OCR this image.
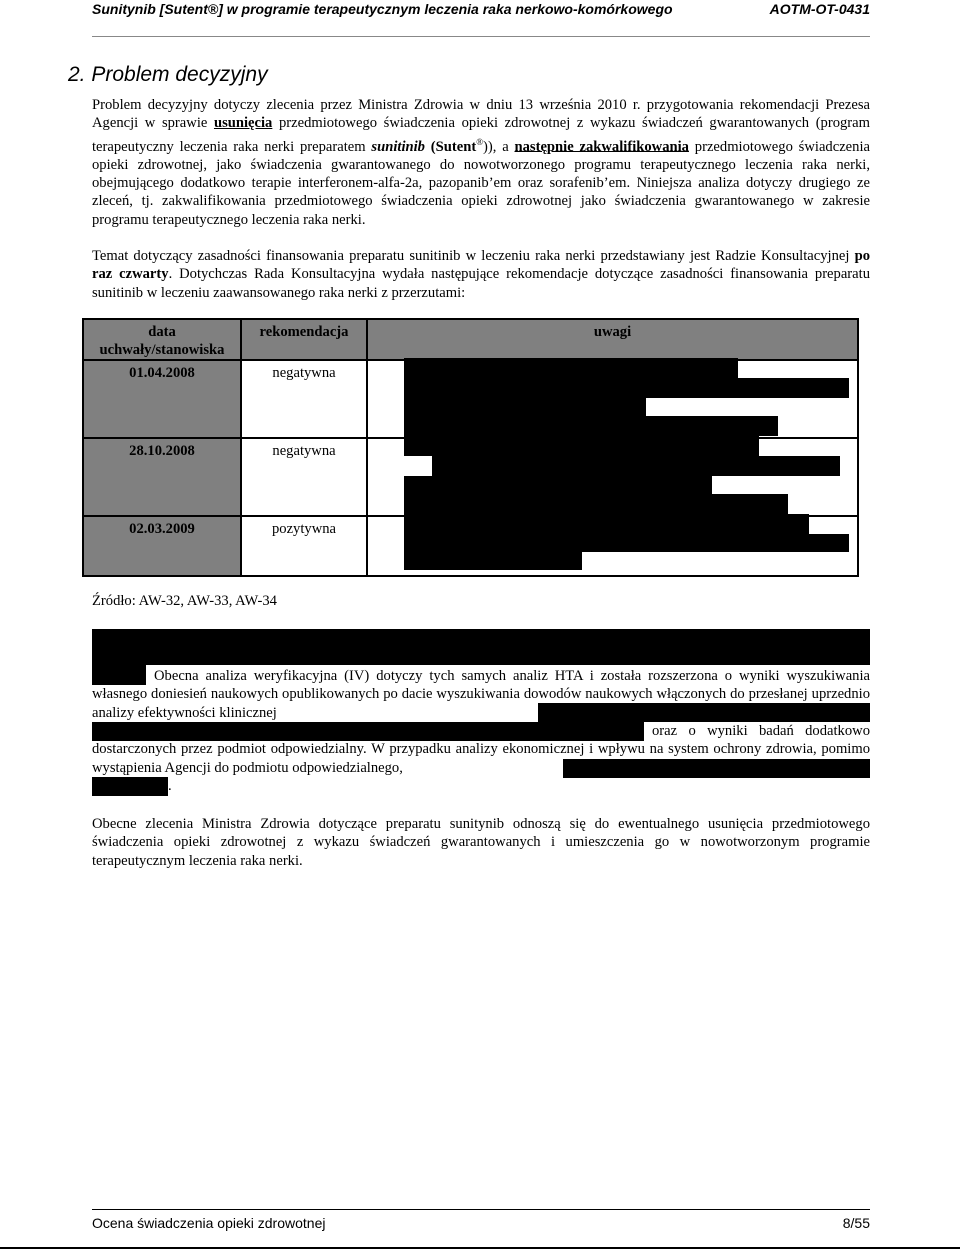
Sunitynib [Sutent®] w programie terapeutycznym leczenia raka nerkowo-komórkowego	AOTM-OT-0431
2. Problem decyzyjny
Problem decyzyjny dotyczy zlecenia przez Ministra Zdrowia w dniu 13 września 2010 r. przygotowania rekomendacji Prezesa Agencji w sprawie usunięcia przedmiotowego świadczenia opieki zdrowotnej z wykazu świadczeń gwarantowanych (program terapeutyczny leczenia raka nerki preparatem sunitinib (Sutent®)), a następnie zakwalifikowania przedmiotowego świadczenia opieki zdrowotnej, jako świadczenia gwarantowanego do nowotworzonego programu terapeutycznego leczenia raka nerki, obejmującego dodatkowo terapie interferonem-alfa-2a, pazopanib’em oraz sorafenib’em. Niniejsza analiza dotyczy drugiego ze zleceń, tj. zakwalifikowania przedmiotowego świadczenia opieki zdrowotnej jako świadczenia gwarantowanego w zakresie programu terapeutycznego leczenia raka nerki.
Temat dotyczący zasadności finansowania preparatu sunitinib w leczeniu raka nerki przedstawiany jest Radzie Konsultacyjnej po raz czwarty. Dotychczas Rada Konsultacyjna wydała następujące rekomendacje dotyczące zasadności finansowania preparatu sunitinib w leczeniu zaawansowanego raka nerki z przerzutami:
data uchwały/stanowiska	rekomendacja	uwagi
01.04.2008	negatywna	
28.10.2008	negatywna	
02.03.2009	pozytywna	
Źródło: AW-32, AW-33, AW-34
Obecna analiza weryfikacyjna (IV) dotyczy tych samych analiz HTA i została rozszerzona o wyniki wyszukiwania własnego doniesień naukowych opublikowanych po dacie wyszukiwania dowodów naukowych włączonych do przesłanej uprzednio analizy efektywności klinicznej
oraz o wyniki badań dodatkowo dostarczonych przez podmiot odpowiedzialny. W przypadku analizy ekonomicznej i wpływu na system ochrony zdrowia, pomimo wystąpienia Agencji do podmiotu odpowiedzialnego,
.
Obecne zlecenia Ministra Zdrowia dotyczące preparatu sunitynib odnoszą się do ewentualnego usunięcia przedmiotowego świadczenia opieki zdrowotnej z wykazu świadczeń gwarantowanych i umieszczenia go w nowotworzonym programie terapeutycznym leczenia raka nerki.
Ocena świadczenia opieki zdrowotnej	8/55
